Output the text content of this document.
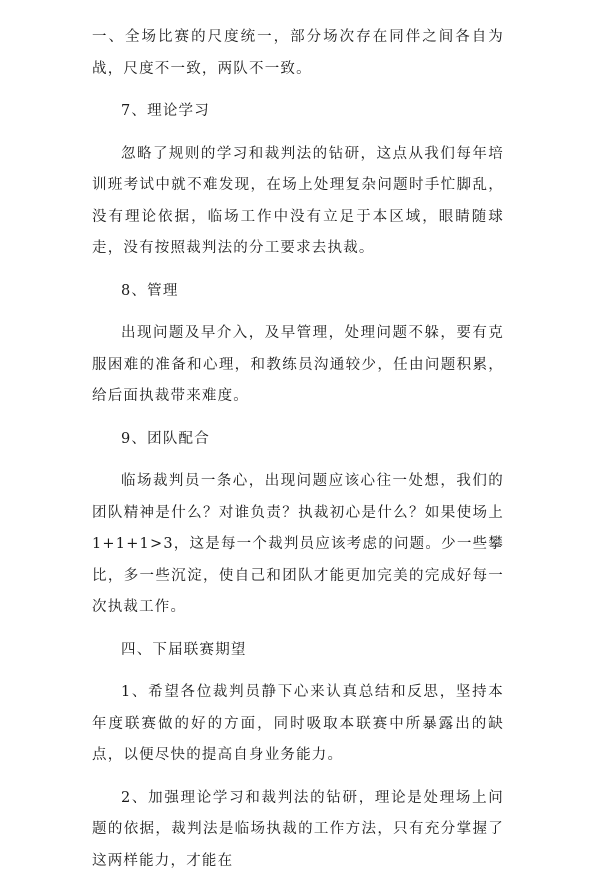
一、全场比赛的尺度统一，部分场次存在同伴之间各自为战，尺度不一致，两队不一致。

7、理论学习

忽略了规则的学习和裁判法的钻研，这点从我们每年培训班考试中就不难发现，在场上处理复杂问题时手忙脚乱，没有理论依据，临场工作中没有立足于本区域，眼睛随球走，没有按照裁判法的分工要求去执裁。

8、管理

出现问题及早介入，及早管理，处理问题不躲，要有克服困难的准备和心理，和教练员沟通较少，任由问题积累，给后面执裁带来难度。

9、团队配合

临场裁判员一条心，出现问题应该心往一处想，我们的团队精神是什么？对谁负责？执裁初心是什么？如果使场上1+1+1>3，这是每一个裁判员应该考虑的问题。少一些攀比，多一些沉淀，使自己和团队才能更加完美的完成好每一次执裁工作。

四、下届联赛期望

1、希望各位裁判员静下心来认真总结和反思，坚持本年度联赛做的好的方面，同时吸取本联赛中所暴露出的缺点，以便尽快的提高自身业务能力。

2、加强理论学习和裁判法的钻研，理论是处理场上问题的依据，裁判法是临场执裁的工作方法，只有充分掌握了这两样能力，才能在
